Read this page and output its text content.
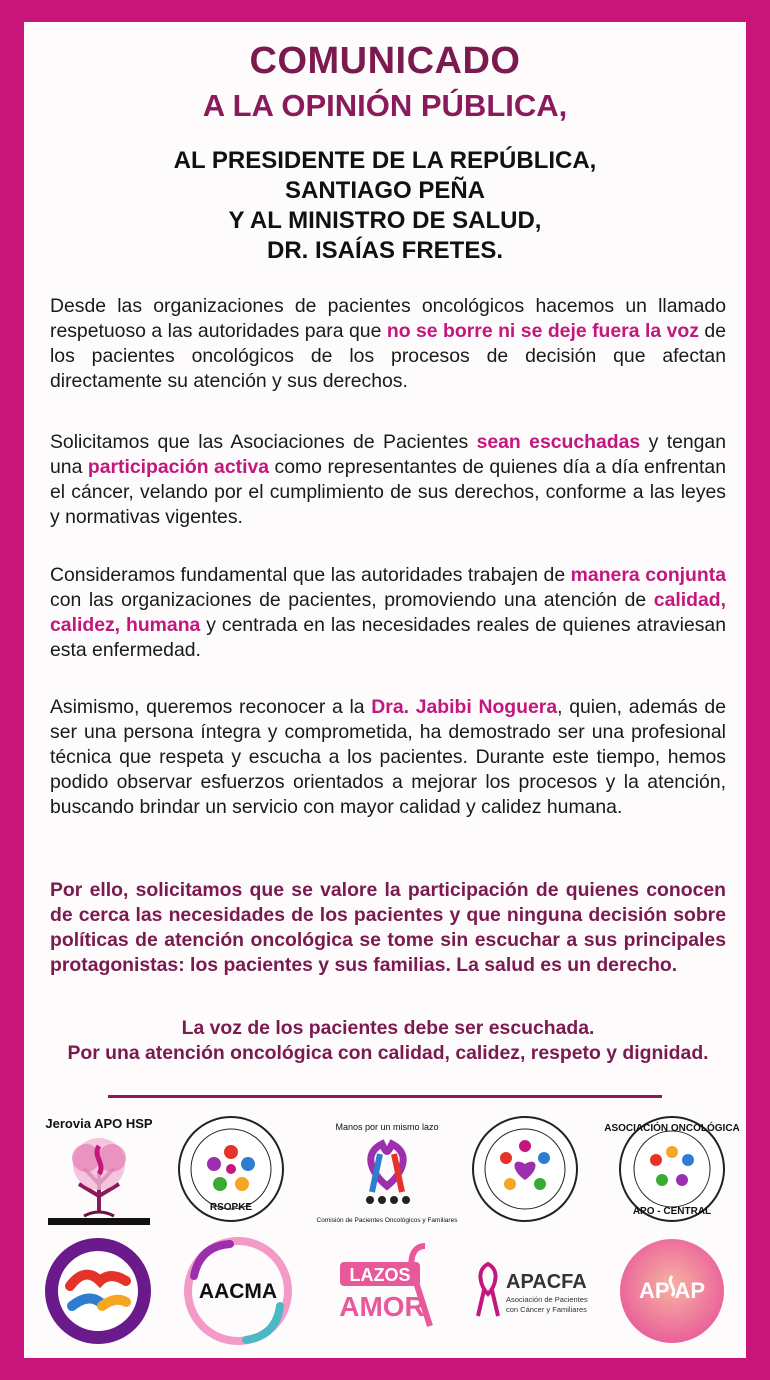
COMUNICADO
A LA OPINIÓN PÚBLICA,
AL PRESIDENTE DE LA REPÚBLICA,
SANTIAGO PEÑA
Y AL MINISTRO DE SALUD,
DR. ISAÍAS FRETES.
Desde las organizaciones de pacientes oncológicos hacemos un llamado respetuoso a las autoridades para que no se borre ni se deje fuera la voz de los pacientes oncológicos de los procesos de decisión que afectan directamente su atención y sus derechos.
Solicitamos que las Asociaciones de Pacientes sean escuchadas y tengan una participación activa como representantes de quienes día a día enfrentan el cáncer, velando por el cumplimiento de sus derechos, conforme a las leyes y normativas vigentes.
Consideramos fundamental que las autoridades trabajen de manera conjunta con las organizaciones de pacientes, promoviendo una atención de calidad, calidez, humana y centrada en las necesidades reales de quienes atraviesan esta enfermedad.
Asimismo, queremos reconocer a la Dra. Jabibi Noguera, quien, además de ser una persona íntegra y comprometida, ha demostrado ser una profesional técnica que respeta y escucha a los pacientes. Durante este tiempo, hemos podido observar esfuerzos orientados a mejorar los procesos y la atención, buscando brindar un servicio con mayor calidad y calidez humana.
Por ello, solicitamos que se valore la participación de quienes conocen de cerca las necesidades de los pacientes y que ninguna decisión sobre políticas de atención oncológica se tome sin escuchar a sus principales protagonistas: los pacientes y sus familias. La salud es un derecho.
La voz de los pacientes debe ser escuchada.
Por una atención oncológica con calidad, calidez, respeto y dignidad.
Jerovia APO HSP
RSOPKE
Manos por un mismo lazo
Comisión de Pacientes Oncológicos y Familiares
ASOCIACIÓN ONCOLÓGICA
APO - CENTRAL
AACMA
LAZOS
AMOR
APACFA
Asociación de Pacientes
con Cáncer y Familiares
AP AP
